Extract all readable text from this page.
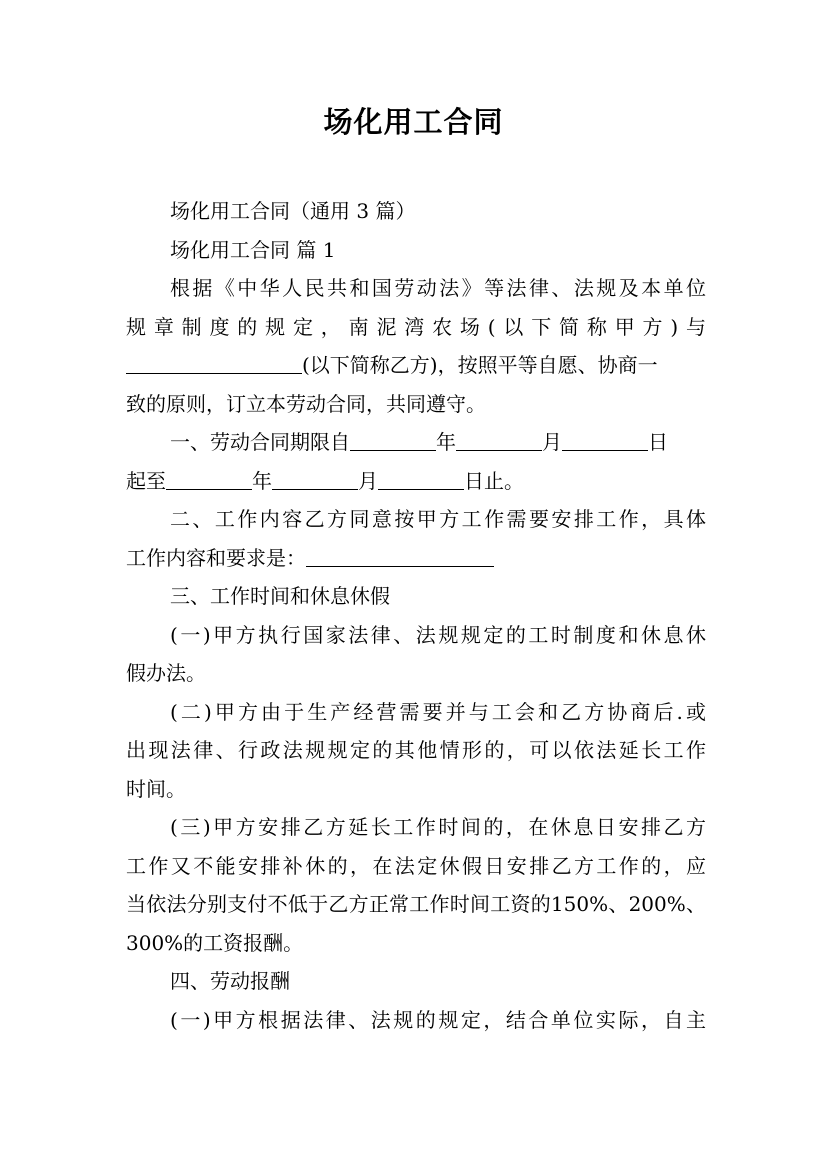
场化用工合同
场化用工合同（通用 3 篇）
场化用工合同 篇 1
根据《中华人民共和国劳动法》等法律、法规及本单位
规章制度的规定，南泥湾农场(以下简称甲方)与
(以下简称乙方)，按照平等自愿、协商一
致的原则，订立本劳动合同，共同遵守。
一、劳动合同期限自	年	月	日
起至	年	月	日止。
二、工作内容乙方同意按甲方工作需要安排工作，具体
工作内容和要求是：
三、工作时间和休息休假
(一)甲方执行国家法律、法规规定的工时制度和休息休
假办法。
(二)甲方由于生产经营需要并与工会和乙方协商后.或
出现法律、行政法规规定的其他情形的，可以依法延长工作
时间。
(三)甲方安排乙方延长工作时间的，在休息日安排乙方
工作又不能安排补休的，在法定休假日安排乙方工作的，应
当依法分别支付不低于乙方正常工作时间工资的150%、200%、
300%的工资报酬。
四、劳动报酬
(一)甲方根据法律、法规的规定，结合单位实际，自主
